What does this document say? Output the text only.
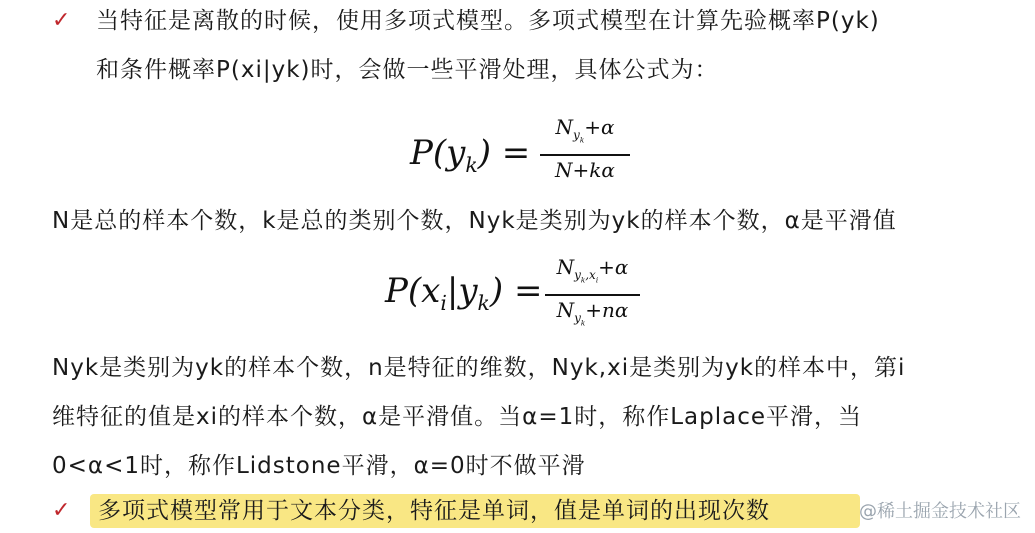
✓ 当特征是离散的时候，使用多项式模型。多项式模型在计算先验概率P(yk)
和条件概率P(xi|yk)时，会做一些平滑处理，具体公式为：
$P(y_k)$ =
$N_{y_k}+\alpha$
N+kα
N是总的样本个数，k是总的类别个数，Nyk是类别为yk的样本个数，α是平滑值
$P(x_i|y_k)$ =
$N_{y_k,x_i}+\alpha$
$N_{y_k}+n\alpha$
Nyk是类别为yk的样本个数，n是特征的维数，Nyk,xi是类别为yk的样本中，第i
维特征的值是xi的样本个数，α是平滑值。当α=1时，称作Laplace平滑，当
0<α<1时，称作Lidstone平滑，α=0时不做平滑
✓ 多项式模型常用于文本分类，特征是单词，值是单词的出现次数	@稀土掘金技术社区
